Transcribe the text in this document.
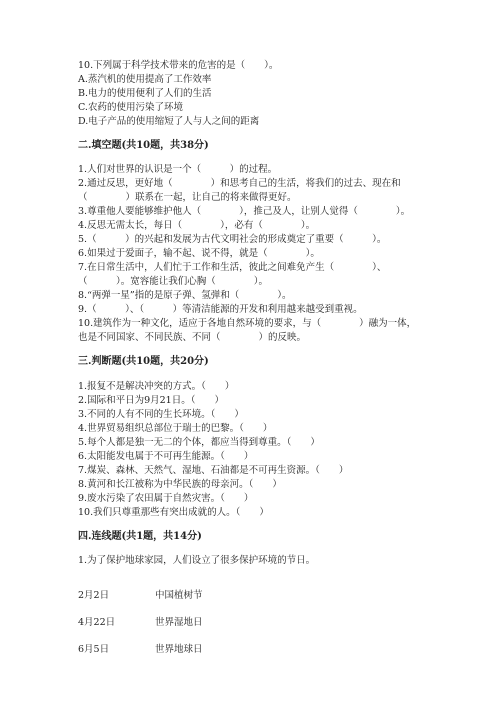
10.下列属于科学技术带来的危害的是（　　）。
A.蒸汽机的使用提高了工作效率
B.电力的使用便利了人们的生活
C.农药的使用污染了环境
D.电子产品的使用缩短了人与人之间的距离
二.填空题(共10题，共38分)
1.人们对世界的认识是一个（　　　）的过程。
2.通过反思，更好地（　　　　）和思考自己的生活，将我们的过去、现在和
（　　　　）联系在一起，让自己的将来做得更好。
3.尊重他人要能够维护他人（　　　　），推己及人，让别人觉得（　　　　）。
4.反思无需太长，每日（　　　　），必有（　　　　）。
5.（　　　）的兴起和发展为古代文明社会的形成奠定了重要（　　　）。
6.如果过于爱面子，输不起、说不得，就是（　　　　）。
7.在日常生活中，人们忙于工作和生活，彼此之间难免产生（　　　　）、
（　　　）。宽容能让我们心胸（　　　　）。
8.“两弹一星”指的是原子弹、氢弹和（　　　　）。
9.（　　　）、（　　　）等清洁能源的开发和利用越来越受到重视。
10.建筑作为一种文化，适应于各地自然环境的要求，与（　　　　）融为一体，
也是不同国家、不同民族、不同（　　　　）的反映。
三.判断题(共10题，共20分)
1.报复不是解决冲突的方式。（　　）
2.国际和平日为9月21日。（　　）
3.不同的人有不同的生长环境。（　　）
4.世界贸易组织总部位于瑞士的巴黎。（　　）
5.每个人都是独一无二的个体，都应当得到尊重。（　　）
6.太阳能发电属于不可再生能源。（　　）
7.煤炭、森林、天然气、湿地、石油都是不可再生资源。（　　）
8.黄河和长江被称为中华民族的母亲河。（　　）
9.废水污染了农田属于自然灾害。（　　）
10.我们只尊重那些有突出成就的人。（　　）
四.连线题(共1题，共14分)
1.为了保护地球家园，人们设立了很多保护环境的节日。
2月2日	中国植树节
4月22日	世界湿地日
6月5日	世界地球日
